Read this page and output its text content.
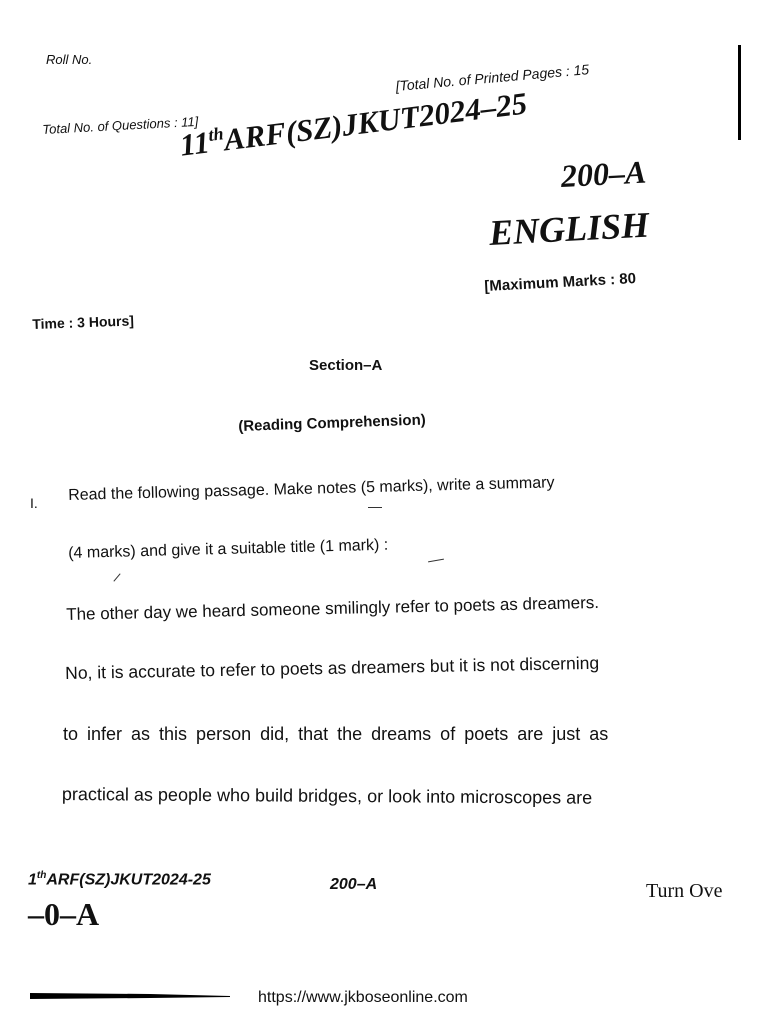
Roll No.
Total No. of Questions : 11]
[Total No. of Printed Pages : 15
11thARF(SZ)JKUT2024–25
200–A
ENGLISH
[Maximum Marks : 80
Time : 3 Hours]
Section–A
(Reading Comprehension)
I. Read the following passage. Make notes (5 marks), write a summary
(4 marks) and give it a suitable title (1 mark) :
The other day we heard someone smilingly refer to poets as dreamers.
No, it is accurate to refer to poets as dreamers but it is not discerning
to infer as this person did, that the dreams of poets are just as
practical as people who build bridges, or look into microscopes are
1thARF(SZ)JKUT2024-25	200–A	Turn Ove
–0–A
https://www.jkboseonline.com
